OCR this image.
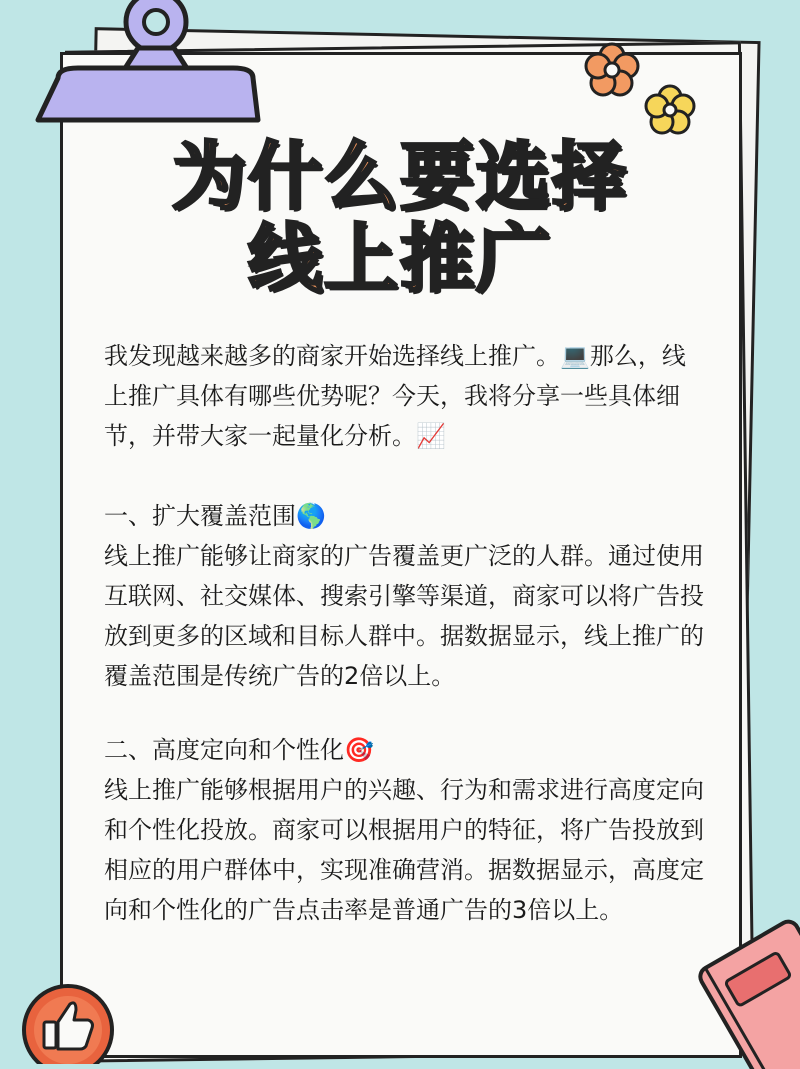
为什么要选择
线上推广

我发现越来越多的商家开始选择线上推广。💻那么，线上推广具体有哪些优势呢？今天，我将分享一些具体细节，并带大家一起量化分析。📈

一、扩大覆盖范围🌎

线上推广能够让商家的广告覆盖更广泛的人群。通过使用互联网、社交媒体、搜索引擎等渠道，商家可以将广告投放到更多的区域和目标人群中。据数据显示，线上推广的覆盖范围是传统广告的2倍以上。

二、高度定向和个性化🎯

线上推广能够根据用户的兴趣、行为和需求进行高度定向和个性化投放。商家可以根据用户的特征，将广告投放到相应的用户群体中，实现准确营消。据数据显示，高度定向和个性化的广告点击率是普通广告的3倍以上。
